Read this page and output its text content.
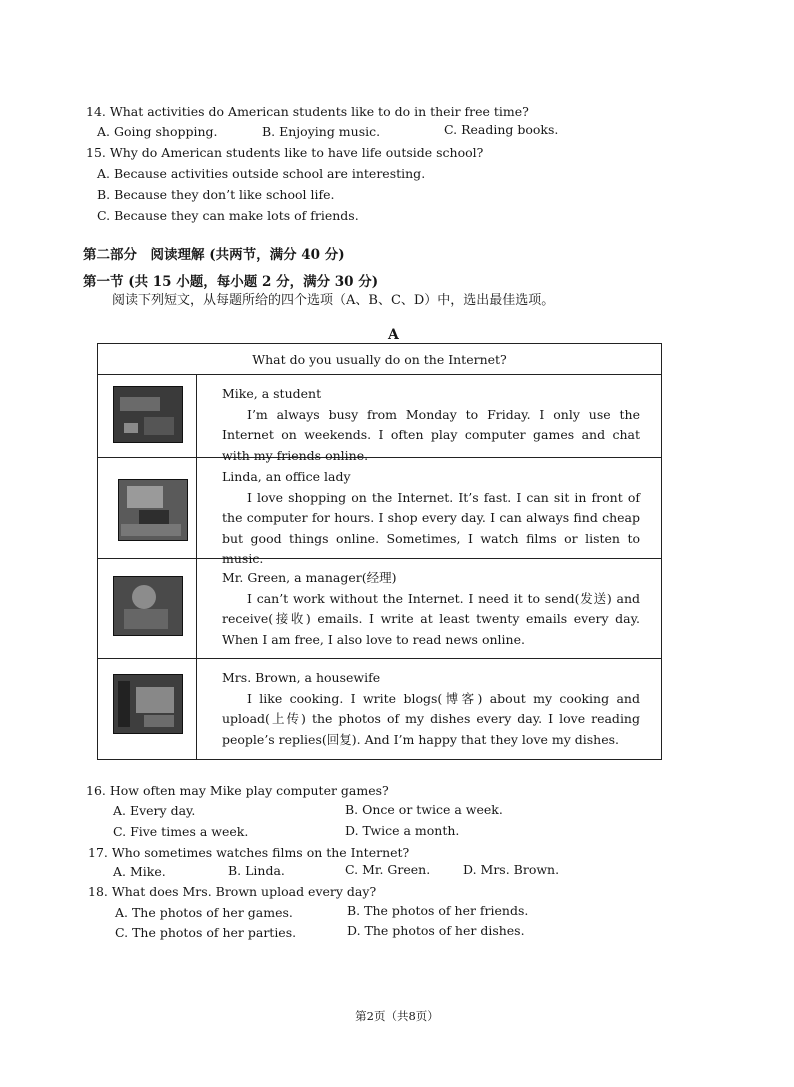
14. What activities do American students like to do in their free time?
A. Going shopping.	B. Enjoying music.	C. Reading books.
15. Why do American students like to have life outside school?
A. Because activities outside school are interesting.
B. Because they don’t like school life.
C. Because they can make lots of friends.
第二部分　阅读理解 (共两节，满分 40 分)
第一节 (共 15 小题，每小题 2 分，满分 30 分)
阅读下列短文，从每题所给的四个选项（A、B、C、D）中，选出最佳选项。
A
What do you usually do on the Internet?
Mike, a student
I’m always busy from Monday to Friday. I only use the Internet on weekends. I often play computer games and chat with my friends online.
Linda, an office lady
I love shopping on the Internet. It’s fast. I can sit in front of the computer for hours. I shop every day. I can always find cheap but good things online. Sometimes, I watch films or listen to music.
Mr. Green, a manager(经理)
I can’t work without the Internet. I need it to send(发送) and receive(接收) emails. I write at least twenty emails every day. When I am free, I also love to read news online.
Mrs. Brown, a housewife
I like cooking. I write blogs(博客) about my cooking and upload(上传) the photos of my dishes every day. I love reading people’s replies(回复). And I’m happy that they love my dishes.
16. How often may Mike play computer games?
A. Every day.	B. Once or twice a week.
C. Five times a week.	D. Twice a month.
17. Who sometimes watches films on the Internet?
A. Mike.	B. Linda.	C. Mr. Green.	D. Mrs. Brown.
18. What does Mrs. Brown upload every day?
A. The photos of her games.	B. The photos of her friends.
C. The photos of her parties.	D. The photos of her dishes.
第2页（共8页）
